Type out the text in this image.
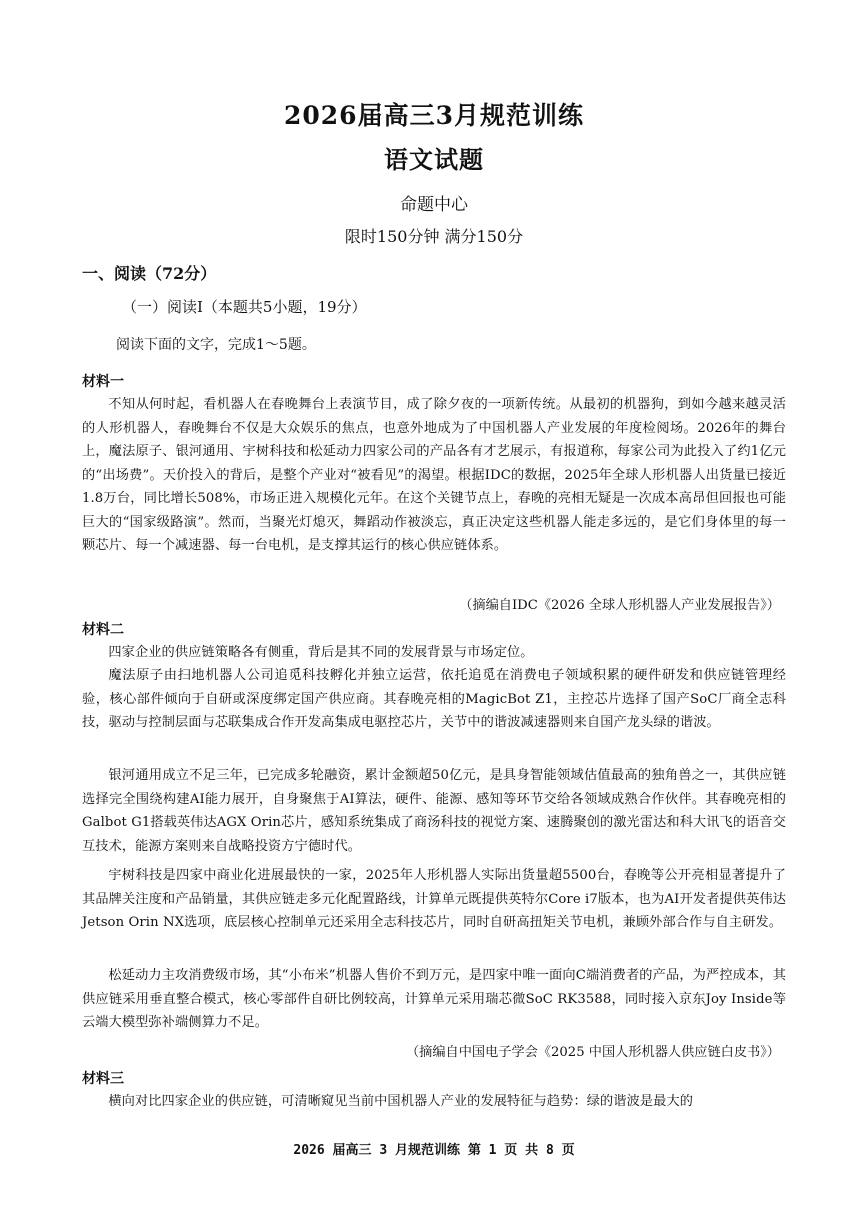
2026届高三3月规范训练
语文试题
命题中心
限时150分钟 满分150分
一、阅读（72分）
（一）阅读Ⅰ（本题共5小题，19分）
阅读下面的文字，完成1～5题。
材料一
不知从何时起，看机器人在春晚舞台上表演节目，成了除夕夜的一项新传统。从最初的机器狗，到如今越来越灵活的人形机器人，春晚舞台不仅是大众娱乐的焦点，也意外地成为了中国机器人产业发展的年度检阅场。2026年的舞台上，魔法原子、银河通用、宇树科技和松延动力四家公司的产品各有才艺展示，有报道称，每家公司为此投入了约1亿元的“出场费”。天价投入的背后，是整个产业对“被看见”的渴望。根据IDC的数据，2025年全球人形机器人出货量已接近1.8万台，同比增长508%，市场正进入规模化元年。在这个关键节点上，春晚的亮相无疑是一次成本高昂但回报也可能巨大的“国家级路演”。然而，当聚光灯熄灭，舞蹈动作被淡忘，真正决定这些机器人能走多远的，是它们身体里的每一颗芯片、每一个减速器、每一台电机，是支撑其运行的核心供应链体系。
（摘编自IDC《2026 全球人形机器人产业发展报告》）
材料二
四家企业的供应链策略各有侧重，背后是其不同的发展背景与市场定位。
魔法原子由扫地机器人公司追觅科技孵化并独立运营，依托追觅在消费电子领域积累的硬件研发和供应链管理经验，核心部件倾向于自研或深度绑定国产供应商。其春晚亮相的MagicBot Z1，主控芯片选择了国产SoC厂商全志科技，驱动与控制层面与芯联集成合作开发高集成电驱控芯片，关节中的谐波减速器则来自国产龙头绿的谐波。
银河通用成立不足三年，已完成多轮融资，累计金额超50亿元，是具身智能领域估值最高的独角兽之一，其供应链选择完全围绕构建AI能力展开，自身聚焦于AI算法，硬件、能源、感知等环节交给各领域成熟合作伙伴。其春晚亮相的Galbot G1搭载英伟达AGX Orin芯片，感知系统集成了商汤科技的视觉方案、速腾聚创的激光雷达和科大讯飞的语音交互技术，能源方案则来自战略投资方宁德时代。
宇树科技是四家中商业化进展最快的一家，2025年人形机器人实际出货量超5500台，春晚等公开亮相显著提升了其品牌关注度和产品销量，其供应链走多元化配置路线，计算单元既提供英特尔Core i7版本，也为AI开发者提供英伟达Jetson Orin NX选项，底层核心控制单元还采用全志科技芯片，同时自研高扭矩关节电机，兼顾外部合作与自主研发。
松延动力主攻消费级市场，其“小布米”机器人售价不到万元，是四家中唯一面向C端消费者的产品，为严控成本，其供应链采用垂直整合模式，核心零部件自研比例较高，计算单元采用瑞芯微SoC RK3588，同时接入京东Joy Inside等云端大模型弥补端侧算力不足。
（摘编自中国电子学会《2025 中国人形机器人供应链白皮书》）
材料三
横向对比四家企业的供应链，可清晰窥见当前中国机器人产业的发展特征与趋势：绿的谐波是最大的
2026 届高三 3 月规范训练 第 1 页 共 8 页
